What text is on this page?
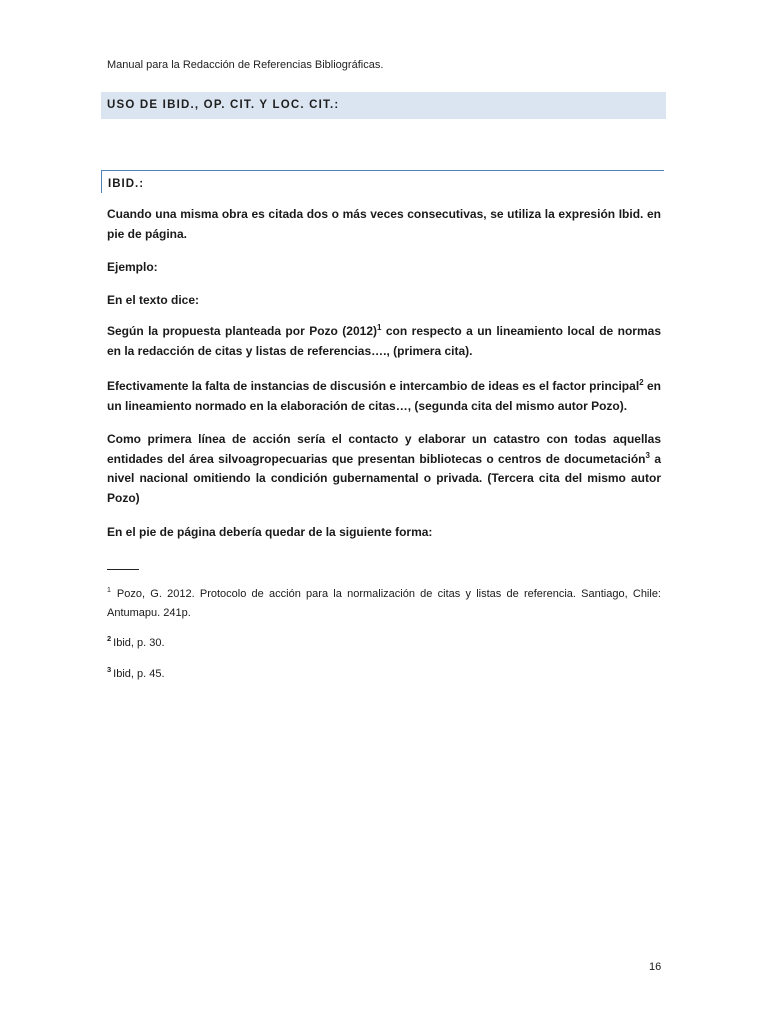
Manual para la Redacción de Referencias Bibliográficas.
USO DE IBID., OP. CIT. Y LOC. CIT.:
IBID.:
Cuando una misma obra es citada dos o más veces consecutivas, se utiliza la expresión Ibid. en pie de página.
Ejemplo:
En el texto dice:
Según la propuesta planteada por Pozo $(2012)^1$ con respecto a un lineamiento local de normas en la redacción de citas y listas de referencias…., (primera cita).
Efectivamente la falta de instancias de discusión e intercambio de ideas es el factor principal$^2$ en un lineamiento normado en la elaboración de citas…, (segunda cita del mismo autor Pozo).
Como primera línea de acción sería el contacto y elaborar un catastro con todas aquellas entidades del área silvoagropecuarias que presentan bibliotecas o centros de documetación$^3$ a nivel nacional omitiendo la condición gubernamental o privada. (Tercera cita del mismo autor Pozo)
En el pie de página debería quedar de la siguiente forma:
$^1$ Pozo, G. 2012. Protocolo de acción para la normalización de citas y listas de referencia. Santiago, Chile: Antumapu. 241p.
$^2$ Ibid, p. 30.
$^3$ Ibid, p. 45.
16
